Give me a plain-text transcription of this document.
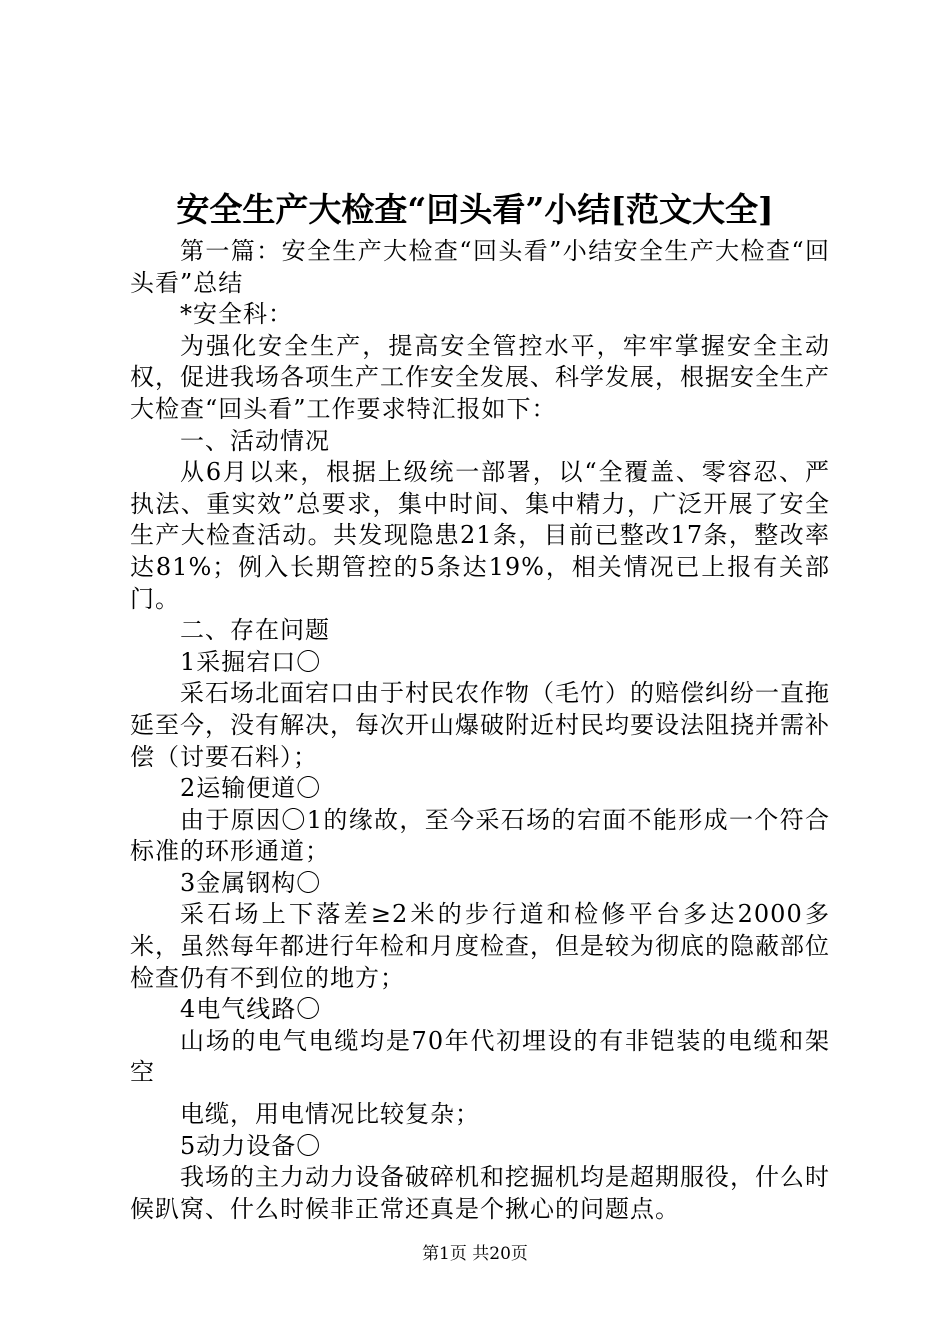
安全生产大检查“回头看”小结[范文大全]

第一篇：安全生产大检查“回头看”小结安全生产大检查“回头看”总结

*安全科：

为强化安全生产，提高安全管控水平，牢牢掌握安全主动权，促进我场各项生产工作安全发展、科学发展，根据安全生产大检查“回头看”工作要求特汇报如下：

一、活动情况

从6月以来，根据上级统一部署，以“全覆盖、零容忍、严执法、重实效”总要求，集中时间、集中精力，广泛开展了安全生产大检查活动。共发现隐患21条，目前已整改17条，整改率达81%；例入长期管控的5条达19%，相关情况已上报有关部门。

二、存在问题

1采掘宕口〇

采石场北面宕口由于村民农作物（毛竹）的赔偿纠纷一直拖延至今，没有解决，每次开山爆破附近村民均要设法阻挠并需补偿（讨要石料）；

2运输便道〇

由于原因〇1的缘故，至今采石场的宕面不能形成一个符合标准的环形通道；

3金属钢构〇

采石场上下落差≥2米的步行道和检修平台多达2000多米，虽然每年都进行年检和月度检查，但是较为彻底的隐蔽部位检查仍有不到位的地方；

4电气线路〇

山场的电气电缆均是70年代初埋设的有非铠装的电缆和架空

电缆，用电情况比较复杂；

5动力设备〇

我场的主力动力设备破碎机和挖掘机均是超期服役，什么时候趴窝、什么时候非正常还真是个揪心的问题点。

第1页 共20页
